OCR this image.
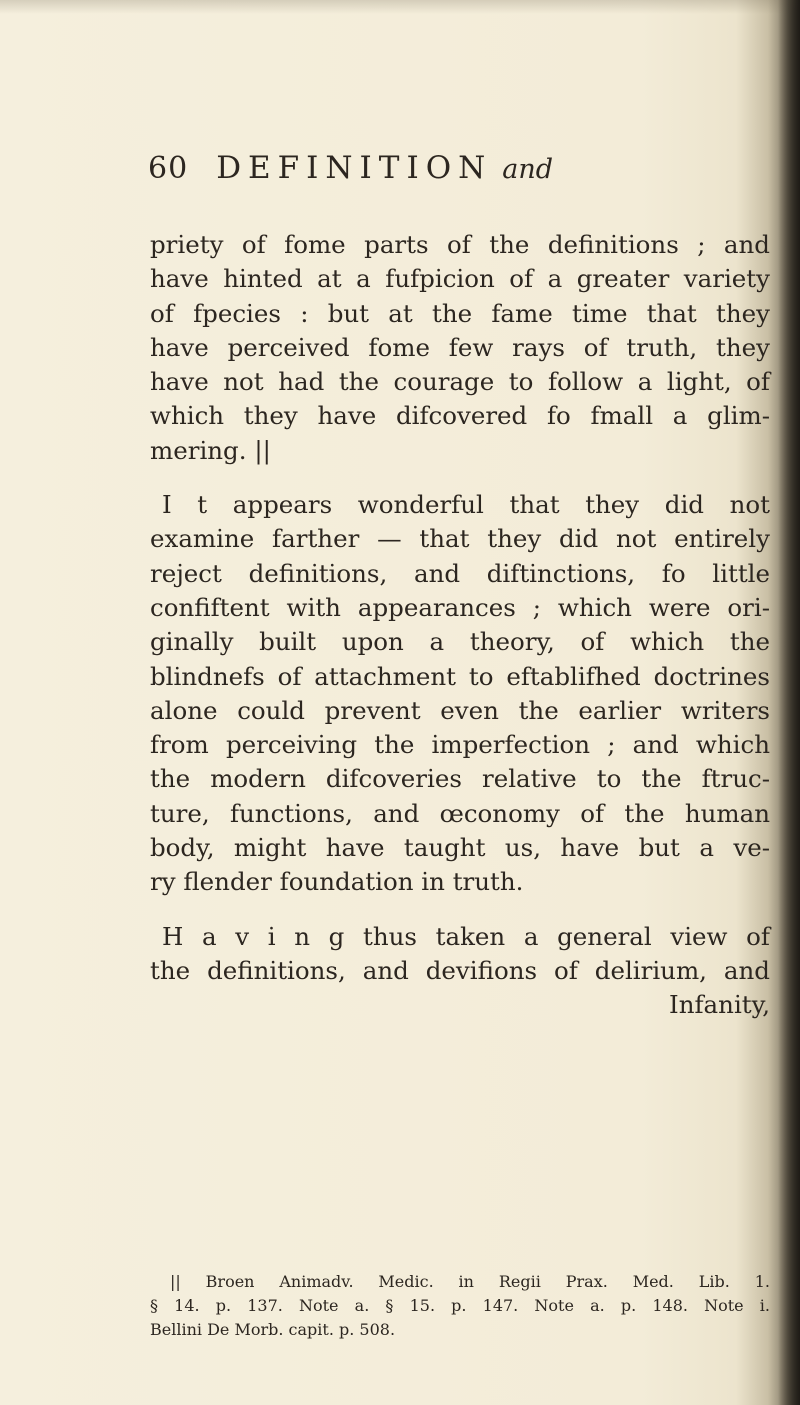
60 DEFINITION and
priety of fome parts of the definitions ; and
have hinted at a fufpicion of a greater variety
of fpecies : but at the fame time that they
have perceived fome few rays of truth, they
have not had the courage to follow a light, of
which they have difcovered fo fmall a glim-
mering. ||
I t appears wonderful that they did not
examine farther — that they did not entirely
reject definitions, and diftinctions, fo little
confiftent with appearances ; which were ori-
ginally built upon a theory, of which the
blindnefs of attachment to eftablifhed doctrines
alone could prevent even the earlier writers
from perceiving the imperfection ; and which
the modern difcoveries relative to the ftruc-
ture, functions, and œconomy of the human
body, might have taught us, have but a ve-
ry flender foundation in truth.
H a v i n g thus taken a general view of
the definitions, and devifions of delirium, and
Infanity,
|| Broen Animadv. Medic. in Regii Prax. Med. Lib. 1.
§ 14. p. 137. Note a. § 15. p. 147. Note a. p. 148. Note i.
Bellini De Morb. capit. p. 508.
